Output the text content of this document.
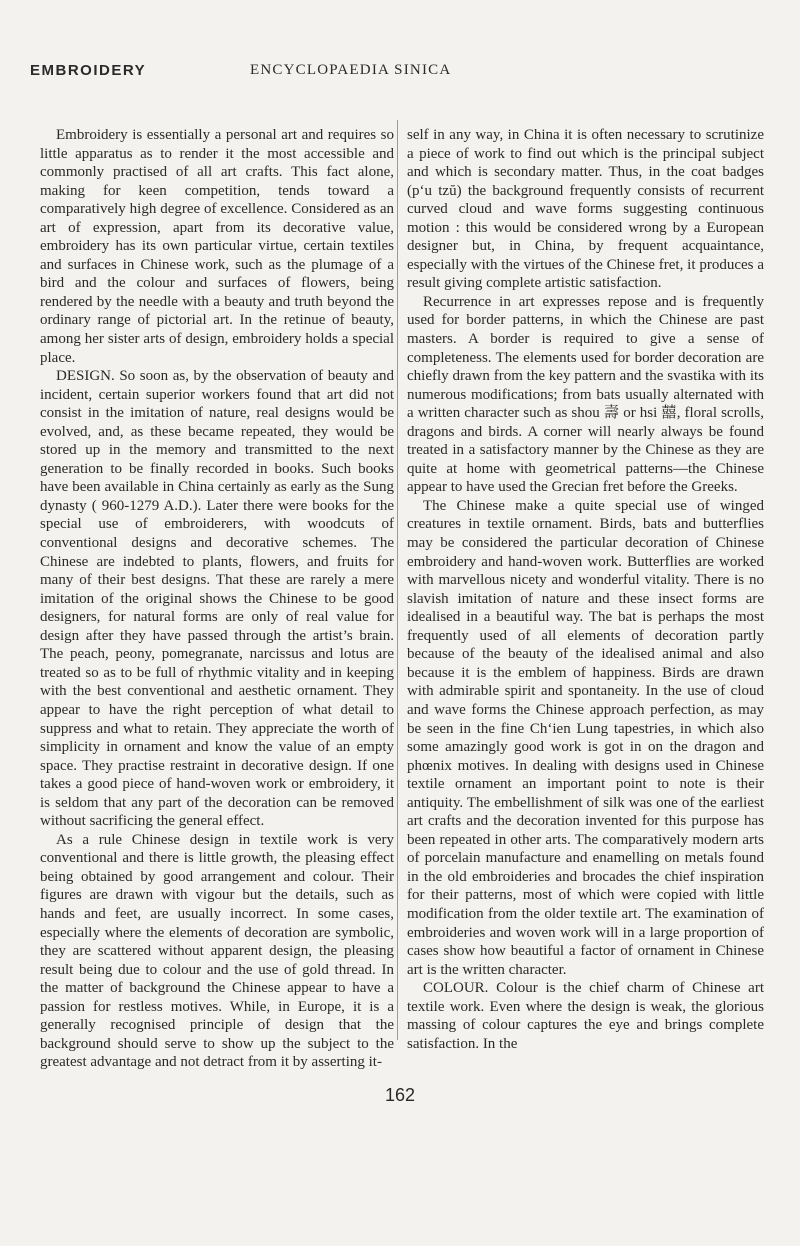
EMBROIDERY	ENCYCLOPAEDIA SINICA

Embroidery is essentially a personal art and requires so little apparatus as to render it the most accessible and commonly practised of all art crafts. This fact alone, making for keen competition, tends toward a comparatively high degree of excellence. Considered as an art of expression, apart from its decorative value, embroidery has its own particular virtue, certain textiles and surfaces in Chinese work, such as the plumage of a bird and the colour and surfaces of flowers, being rendered by the needle with a beauty and truth beyond the ordinary range of pictorial art. In the retinue of beauty, among her sister arts of design, embroidery holds a special place.

DESIGN. So soon as, by the observation of beauty and incident, certain superior workers found that art did not consist in the imitation of nature, real designs would be evolved, and, as these became repeated, they would be stored up in the memory and transmitted to the next generation to be finally recorded in books. Such books have been available in China certainly as early as the Sung dynasty ( 960-1279 A.D.). Later there were books for the special use of embroiderers, with woodcuts of conventional designs and decorative schemes. The Chinese are indebted to plants, flowers, and fruits for many of their best designs. That these are rarely a mere imitation of the original shows the Chinese to be good designers, for natural forms are only of real value for design after they have passed through the artist’s brain. The peach, peony, pomegranate, narcissus and lotus are treated so as to be full of rhythmic vitality and in keeping with the best conventional and aesthetic ornament. They appear to have the right perception of what detail to suppress and what to retain. They appreciate the worth of simplicity in ornament and know the value of an empty space. They practise restraint in decorative design. If one takes a good piece of hand-woven work or embroidery, it is seldom that any part of the decoration can be removed without sacrificing the general effect.

As a rule Chinese design in textile work is very conventional and there is little growth, the pleasing effect being obtained by good arrangement and colour. Their figures are drawn with vigour but the details, such as hands and feet, are usually incorrect. In some cases, especially where the elements of decoration are symbolic, they are scattered without apparent design, the pleasing result being due to colour and the use of gold thread. In the matter of background the Chinese appear to have a passion for restless motives. While, in Europe, it is a generally recognised principle of design that the background should serve to show up the subject to the greatest advantage and not detract from it by asserting it-

self in any way, in China it is often necessary to scrutinize a piece of work to find out which is the principal subject and which is secondary matter. Thus, in the coat badges (p‘u tzŭ) the background frequently consists of recurrent curved cloud and wave forms suggesting continuous motion : this would be considered wrong by a European designer but, in China, by frequent acquaintance, especially with the virtues of the Chinese fret, it produces a result giving complete artistic satisfaction.

Recurrence in art expresses repose and is frequently used for border patterns, in which the Chinese are past masters. A border is required to give a sense of completeness. The elements used for border decoration are chiefly drawn from the key pattern and the svastika with its numerous modifications; from bats usually alternated with a written character such as shou 壽 or hsi 囍, floral scrolls, dragons and birds. A corner will nearly always be found treated in a satisfactory manner by the Chinese as they are quite at home with geometrical patterns—the Chinese appear to have used the Grecian fret before the Greeks.

The Chinese make a quite special use of winged creatures in textile ornament. Birds, bats and butterflies may be considered the particular decoration of Chinese embroidery and hand-woven work. Butterflies are worked with marvellous nicety and wonderful vitality. There is no slavish imitation of nature and these insect forms are idealised in a beautiful way. The bat is perhaps the most frequently used of all elements of decoration partly because of the beauty of the idealised animal and also because it is the emblem of happiness. Birds are drawn with admirable spirit and spontaneity. In the use of cloud and wave forms the Chinese approach perfection, as may be seen in the fine Ch‘ien Lung tapestries, in which also some amazingly good work is got in on the dragon and phœnix motives. In dealing with designs used in Chinese textile ornament an important point to note is their antiquity. The embellishment of silk was one of the earliest art crafts and the decoration invented for this purpose has been repeated in other arts. The comparatively modern arts of porcelain manufacture and enamelling on metals found in the old embroideries and brocades the chief inspiration for their patterns, most of which were copied with little modification from the older textile art. The examination of embroideries and woven work will in a large proportion of cases show how beautiful a factor of ornament in Chinese art is the written character.

COLOUR. Colour is the chief charm of Chinese art textile work. Even where the design is weak, the glorious massing of colour captures the eye and brings complete satisfaction. In the

162
